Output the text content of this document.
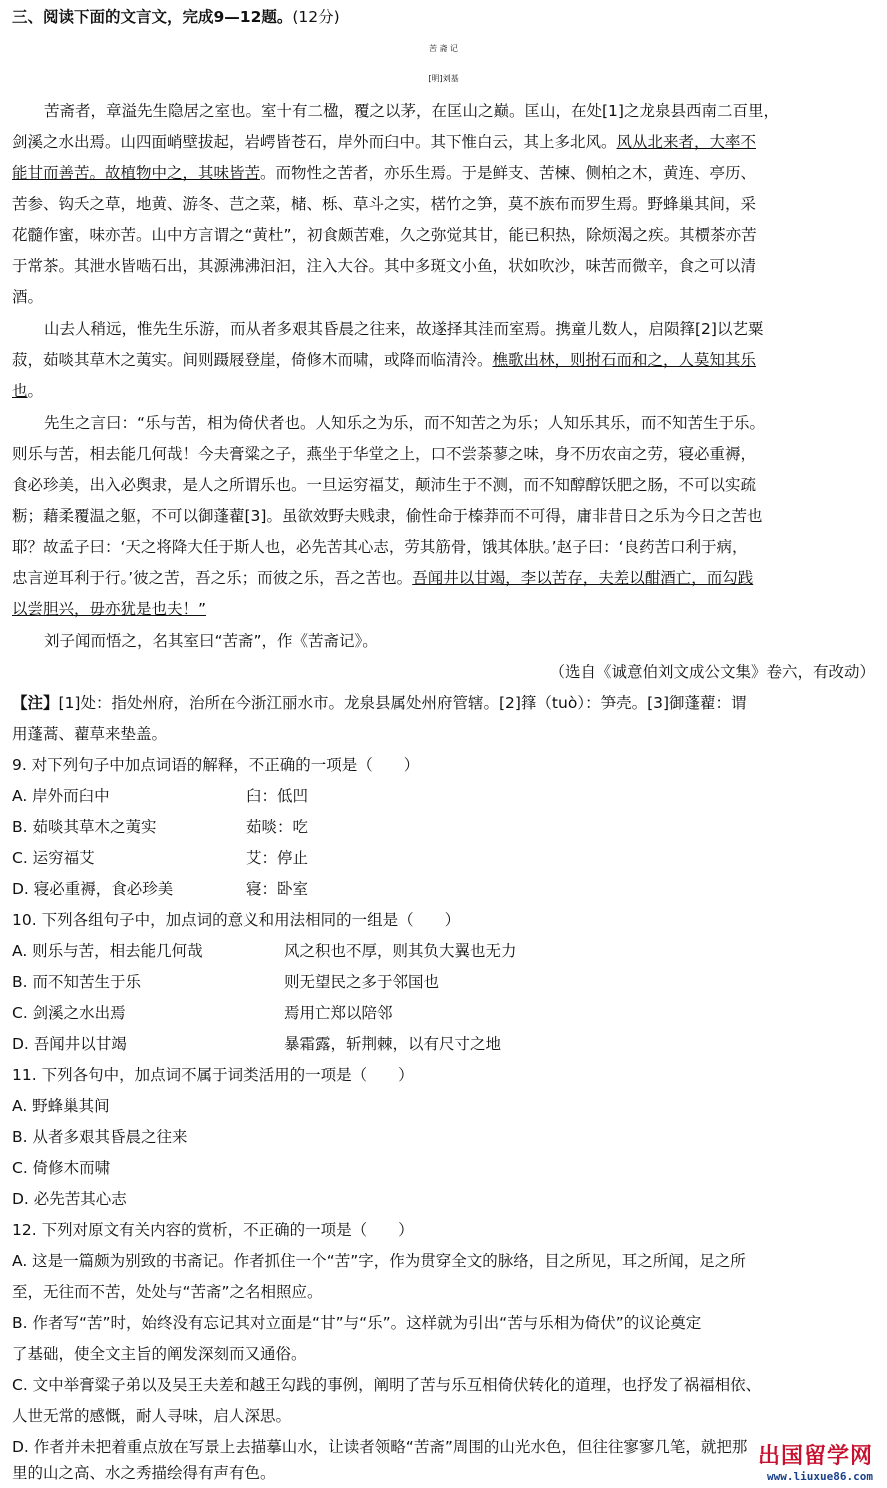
三、阅读下面的文言文，完成9—12题。(12分)
苦 斋 记
[明]刘基
苦斋者，章溢先生隐居之室也。室十有二楹，覆之以茅，在匡山之巅。匡山，在处[1]之龙泉县西南二百里，
剑溪之水出焉。山四面峭壁拔起，岩崿皆苍石，岸外而臼中。其下惟白云，其上多北风。风从北来者，大率不
能甘而善苦。故植物中之，其味皆苦。而物性之苦者，亦乐生焉。于是鲜支、苦楝、侧柏之木，黄连、亭历、
苦参、钩夭之草，地黄、游冬、芑之菜，槠、栎、草斗之实，楛竹之笋，莫不族布而罗生焉。野蜂巢其间，采
花髓作蜜，味亦苦。山中方言谓之“黄杜”，初食颇苦难，久之弥觉其甘，能已积热，除烦渴之疾。其槚茶亦苦
于常茶。其泄水皆啮石出，其源沸沸汩汩，注入大谷。其中多斑文小鱼，状如吹沙，味苦而微辛，食之可以清
酒。
山去人稍远，惟先生乐游，而从者多艰其昏晨之往来，故遂择其洼而室焉。携童儿数人，启陨箨[2]以艺粟
菽，茹啖其草木之荑实。间则蹑屐登崖，倚修木而啸，或降而临清泠。樵歌出林，则拊石而和之，人莫知其乐
也。
先生之言曰：“乐与苦，相为倚伏者也。人知乐之为乐，而不知苦之为乐；人知乐其乐，而不知苦生于乐。
则乐与苦，相去能几何哉！今夫膏粱之子，燕坐于华堂之上，口不尝荼蓼之味，身不历农亩之劳，寝必重褥，
食必珍美，出入必舆隶，是人之所谓乐也。一旦运穷福艾，颠沛生于不测，而不知醇醇饫肥之肠，不可以实疏
粝；藉柔覆温之躯，不可以御蓬藋[3]。虽欲效野夫贱隶，偷性命于榛莽而不可得，庸非昔日之乐为今日之苦也
耶？故孟子曰：‘天之将降大任于斯人也，必先苦其心志，劳其筋骨，饿其体肤。’赵子曰：‘良药苦口利于病，
忠言逆耳利于行。’彼之苦，吾之乐；而彼之乐，吾之苦也。吾闻井以甘竭，李以苦存，夫差以酣酒亡，而勾践
以尝胆兴，毋亦犹是也夫！”
刘子闻而悟之，名其室曰“苦斋”，作《苦斋记》。
（选自《诚意伯刘文成公文集》卷六，有改动）
【注】[1]处：指处州府，治所在今浙江丽水市。龙泉县属处州府管辖。[2]箨（tuò）：笋壳。[3]御蓬藋：谓
用蓬蒿、藋草来垫盖。
9. 对下列句子中加点词语的解释，不正确的一项是（　　）
A. 岸外而臼中	臼：低凹
B. 茹啖其草木之荑实	茹啖：吃
C. 运穷福艾	艾：停止
D. 寝必重褥，食必珍美	寝：卧室
10. 下列各组句子中，加点词的意义和用法相同的一组是（　　）
A. 则乐与苦，相去能几何哉	风之积也不厚，则其负大翼也无力
B. 而不知苦生于乐	则无望民之多于邻国也
C. 剑溪之水出焉	焉用亡郑以陪邻
D. 吾闻井以甘竭	暴霜露，斩荆棘，以有尺寸之地
11. 下列各句中，加点词不属于词类活用的一项是（　　）
A. 野蜂巢其间
B. 从者多艰其昏晨之往来
C. 倚修木而啸
D. 必先苦其心志
12. 下列对原文有关内容的赏析，不正确的一项是（　　）
A. 这是一篇颇为别致的书斋记。作者抓住一个“苦”字，作为贯穿全文的脉络，目之所见，耳之所闻，足之所
至，无往而不苦，处处与“苦斋”之名相照应。
B. 作者写“苦”时，始终没有忘记其对立面是“甘”与“乐”。这样就为引出“苦与乐相为倚伏”的议论奠定
了基础，使全文主旨的阐发深刻而又通俗。
C. 文中举膏粱子弟以及吴王夫差和越王勾践的事例，阐明了苦与乐互相倚伏转化的道理，也抒发了祸福相依、
人世无常的感慨，耐人寻味，启人深思。
D. 作者并未把着重点放在写景上去描摹山水，让读者领略“苦斋”周围的山光水色，但往往寥寥几笔，就把那
里的山之高、水之秀描绘得有声有色。
出国留学网
www.liuxue86.com
